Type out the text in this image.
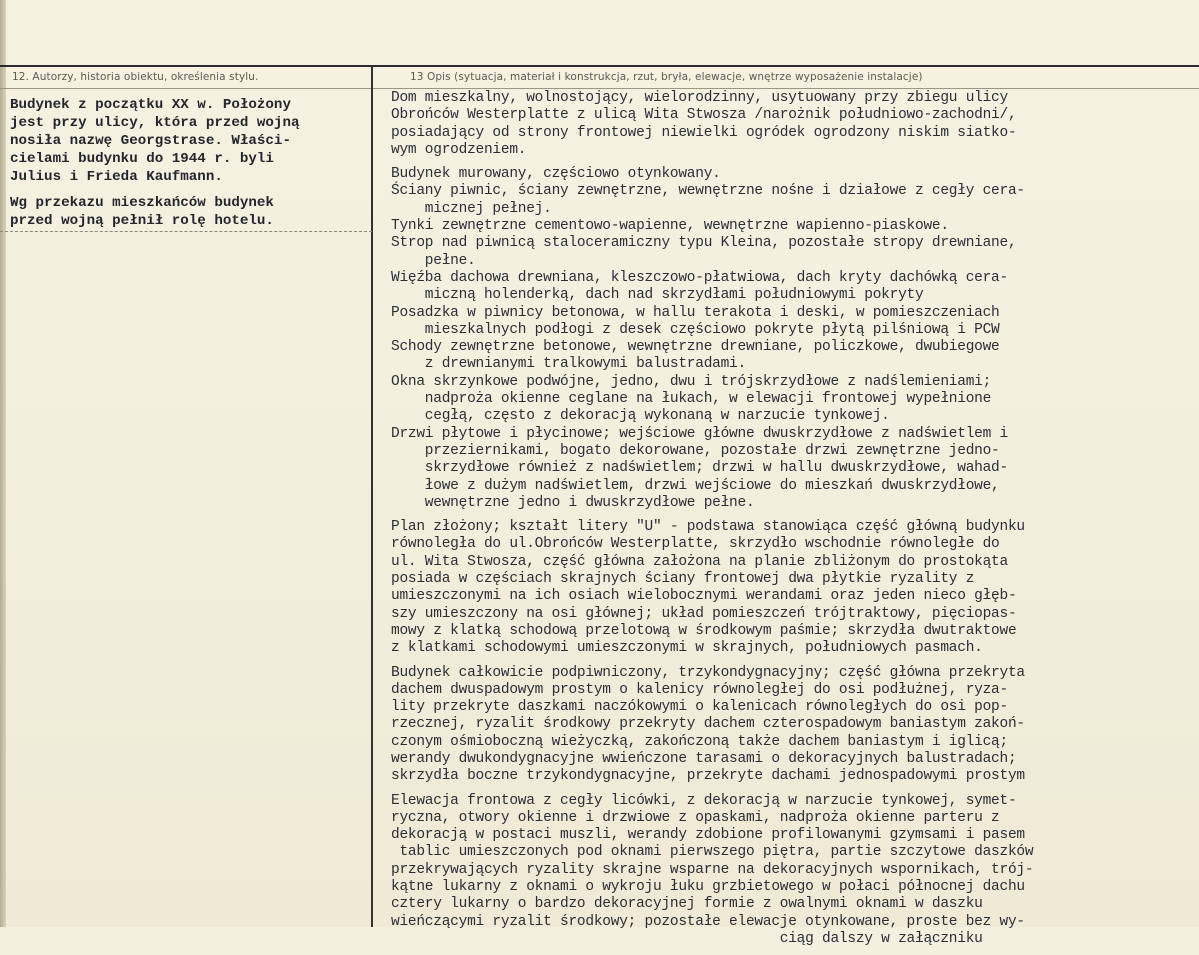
12. Autorzy, historia obiektu, określenia stylu.	13 Opis (sytuacja, materiał i konstrukcja, rzut, bryła, elewacje, wnętrze wyposażenie instalacje)

Budynek z początku XX w. Położony
jest przy ulicy, która przed wojną
nosiła nazwę Georgstrase. Właści-
cielami budynku do 1944 r. byli
Julius i Frieda Kaufmann.

Wg przekazu mieszkańców budynek
przed wojną pełnił rolę hotelu.

Dom mieszkalny, wolnostojący, wielorodzinny, usytuowany przy zbiegu ulicy
Obrońców Westerplatte z ulicą Wita Stwosza /narożnik południowo-zachodni/,
posiadający od strony frontowej niewielki ogródek ogrodzony niskim siatko-
wym ogrodzeniem.

Budynek murowany, częściowo otynkowany.
Ściany piwnic, ściany zewnętrzne, wewnętrzne nośne i działowe z cegły cera-
micznej pełnej.
Tynki zewnętrzne cementowo-wapienne, wewnętrzne wapienno-piaskowe.
Strop nad piwnicą staloceramiczny typu Kleina, pozostałe stropy drewniane,
pełne.
Więźba dachowa drewniana, kleszczowo-płatwiowa, dach kryty dachówką cera-
miczną holenderką, dach nad skrzydłami południowymi pokryty
Posadzka w piwnicy betonowa, w hallu terakota i deski, w pomieszczeniach
mieszkalnych podłogi z desek częściowo pokryte płytą pilśniową i PCW
Schody zewnętrzne betonowe, wewnętrzne drewniane, policzkowe, dwubiegowe
z drewnianymi tralkowymi balustradami.
Okna skrzynkowe podwójne, jedno, dwu i trójskrzydłowe z nadślemieniami;
nadproża okienne ceglane na łukach, w elewacji frontowej wypełnione
cegłą, często z dekoracją wykonaną w narzucie tynkowej.
Drzwi płytowe i płycinowe; wejściowe główne dwuskrzydłowe z nadświetlem i
przeziernikami, bogato dekorowane, pozostałe drzwi zewnętrzne jedno-
skrzydłowe również z nadświetlem; drzwi w hallu dwuskrzydłowe, wahad-
łowe z dużym nadświetlem, drzwi wejściowe do mieszkań dwuskrzydłowe,
wewnętrzne jedno i dwuskrzydłowe pełne.

Plan złożony; kształt litery "U" - podstawa stanowiąca część główną budynku
równoległa do ul.Obrońców Westerplatte, skrzydło wschodnie równoległe do
ul. Wita Stwosza, część główna założona na planie zbliżonym do prostokąta
posiada w częściach skrajnych ściany frontowej dwa płytkie ryzality z
umieszczonymi na ich osiach wielobocznymi werandami oraz jeden nieco głęb-
szy umieszczony na osi głównej; układ pomieszczeń trójtraktowy, pięciopas-
mowy z klatką schodową przelotową w środkowym paśmie; skrzydła dwutraktowe
z klatkami schodowymi umieszczonymi w skrajnych, południowych pasmach.

Budynek całkowicie podpiwniczony, trzykondygnacyjny; część główna przekryta
dachem dwuspadowym prostym o kalenicy równoległej do osi podłużnej, ryza-
lity przekryte daszkami naczókowymi o kalenicach równoległych do osi pop-
rzecznej, ryzalit środkowy przekryty dachem czterospadowym baniastym zakoń-
czonym ośmioboczną wieżyczką, zakończoną także dachem baniastym i iglicą;
werandy dwukondygnacyjne wwieńczone tarasami o dekoracyjnych balustradach;
skrzydła boczne trzykondygnacyjne, przekryte dachami jednospadowymi prostym

Elewacja frontowa z cegły licówki, z dekoracją w narzucie tynkowej, symet-
ryczna, otwory okienne i drzwiowe z opaskami, nadproża okienne parteru z
dekoracją w postaci muszli, werandy zdobione profilowanymi gzymsami i pasem
tablic umieszczonych pod oknami pierwszego piętra, partie szczytowe daszków
przekrywających ryzality skrajne wsparne na dekoracyjnych wspornikach, trój-
kątne lukarny z oknami o wykroju łuku grzbietowego w połaci północnej dachu
cztery lukarny o bardzo dekoracyjnej formie z owalnymi oknami w daszku
wieńczącymi ryzalit środkowy; pozostałe elewacje otynkowane, proste bez wy-
ciąg dalszy w załączniku
